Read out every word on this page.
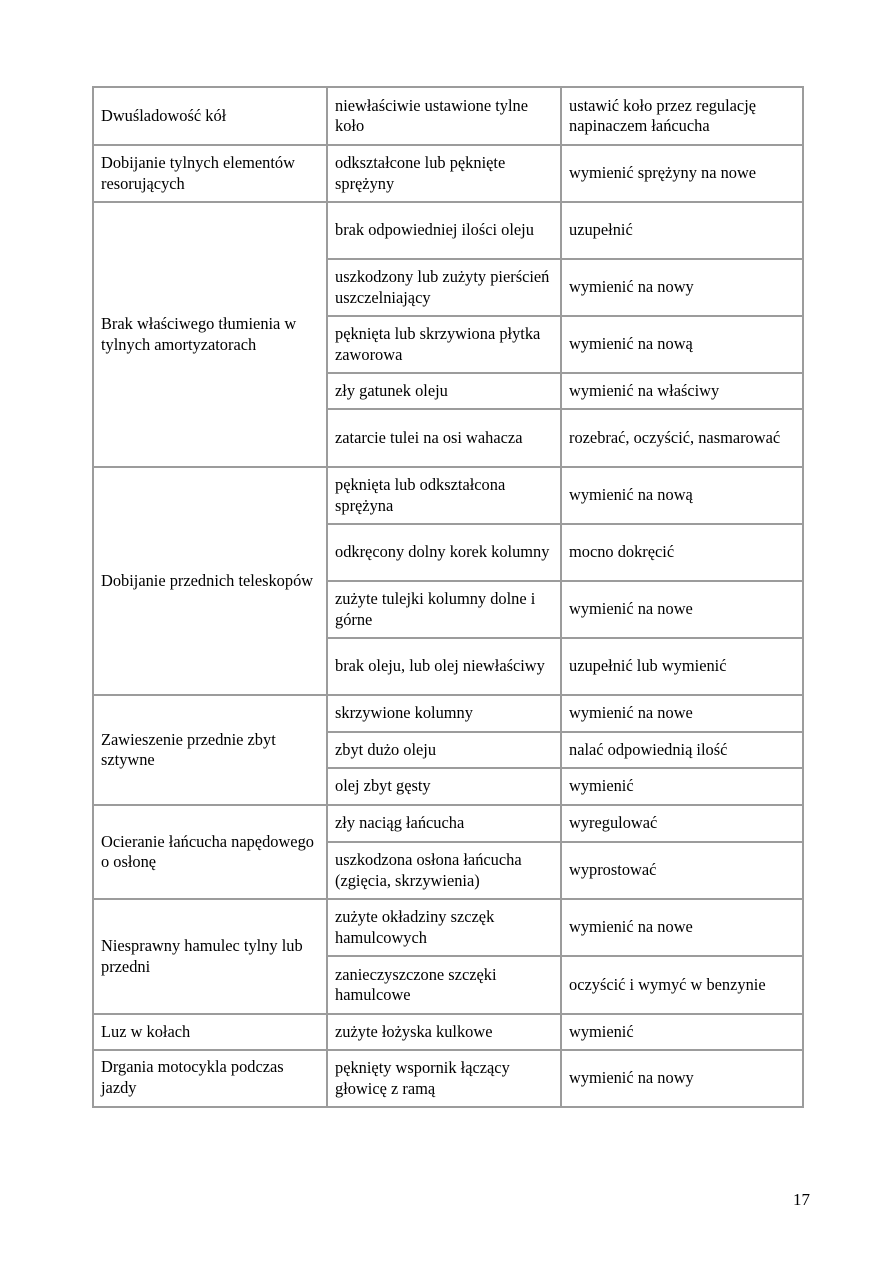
Dwuśladowość kół	niewłaściwie ustawione tylne koło	ustawić koło przez regulację napinaczem łańcucha
Dobijanie tylnych elementów resorujących	odkształcone lub pęknięte sprężyny	wymienić sprężyny na nowe
Brak właściwego tłumienia w tylnych amortyzatorach	brak odpowiedniej ilości oleju	uzupełnić
	uszkodzony lub zużyty pierścień uszczelniający	wymienić na nowy
	pęknięta lub skrzywiona płytka zaworowa	wymienić na nową
	zły gatunek oleju	wymienić na właściwy
	zatarcie tulei na osi wahacza	rozebrać, oczyścić, nasmarować
Dobijanie przednich teleskopów	pęknięta lub odkształcona sprężyna	wymienić na nową
	odkręcony dolny korek kolumny	mocno dokręcić
	zużyte tulejki kolumny dolne i górne	wymienić na nowe
	brak oleju, lub olej niewłaściwy	uzupełnić lub wymienić
Zawieszenie przednie zbyt sztywne	skrzywione kolumny	wymienić na nowe
	zbyt dużo oleju	nalać odpowiednią ilość
	olej zbyt gęsty	wymienić
Ocieranie łańcucha napędowego o osłonę	zły naciąg łańcucha	wyregulować
	uszkodzona osłona łańcucha (zgięcia, skrzywienia)	wyprostować
Niesprawny hamulec tylny lub przedni	zużyte okładziny szczęk hamulcowych	wymienić na nowe
	zanieczyszczone szczęki hamulcowe	oczyścić i wymyć w benzynie
Luz w kołach	zużyte łożyska kulkowe	wymienić
Drgania motocykla podczas jazdy	pęknięty wspornik łączący głowicę z ramą	wymienić na nowy
17
